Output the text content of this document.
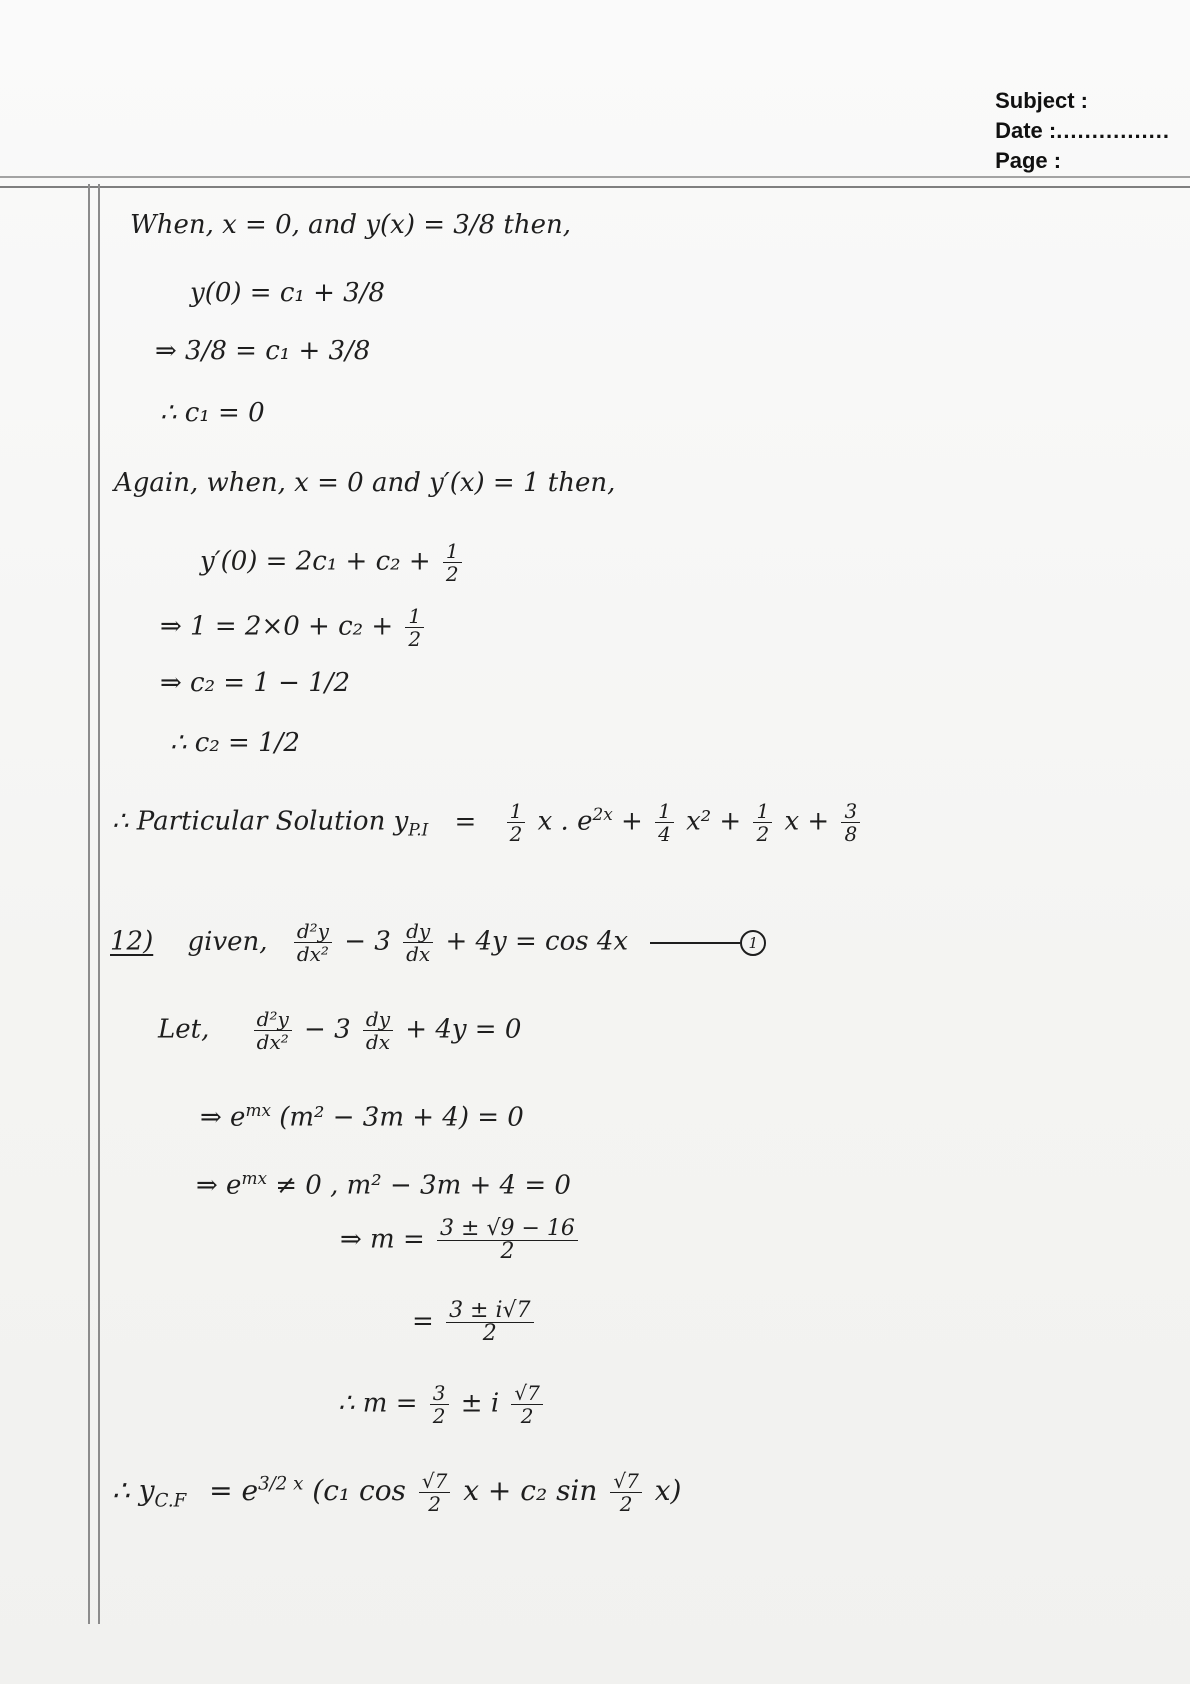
Subject :
Date : ................
Page :
When, x = 0, and y(x) = 3/8 then,
y(0) = c₁ + 3/8
⇒ 3/8 = c₁ + 3/8
∴ c₁ = 0
Again, when, x = 0 and y′(x) = 1 then,
$y'(0) = 2c_1 + c_2 + \frac{1}{2}$
⇒ $1 = 2\times 0 + c_2 + \frac{1}{2}$
⇒ c₂ = 1 − 1/2
∴ c₂ = 1/2
∴ Particular Solution $y_{P.I} = \frac{1}{2}$ x . $e^{2x} + \frac{1}{4} x^2 + \frac{1}{2}$ $x + \frac{3}{8}$
12) given, $\frac{\text{d²y}}{\text{dx²}} - 3 \frac{dy}{dx} + 4y = \cos 4x$	1
Let, $\frac{\text{d²y}}{\text{dx²}} - 3 \frac{dy}{dx} + 4y = 0$
⇒ $e^{mx}$ (m² − 3m + 4) = 0
⇒ $e^{mx} \ne 0$ , m² − 3m + 4 = 0
⇒ $m = \frac{3 \pm √9 - 16}{2}$
= $\frac{3 \pm i√7}{2}$
∴ $m = \frac{3}{2} \pm i \frac{√7}{2}$
∴ $y_{C.F} = e^{3/2 x}$ (c₁ $\cos \frac{√7}{2}$ x + c₂ $\sin \frac{√7}{2} x$)
